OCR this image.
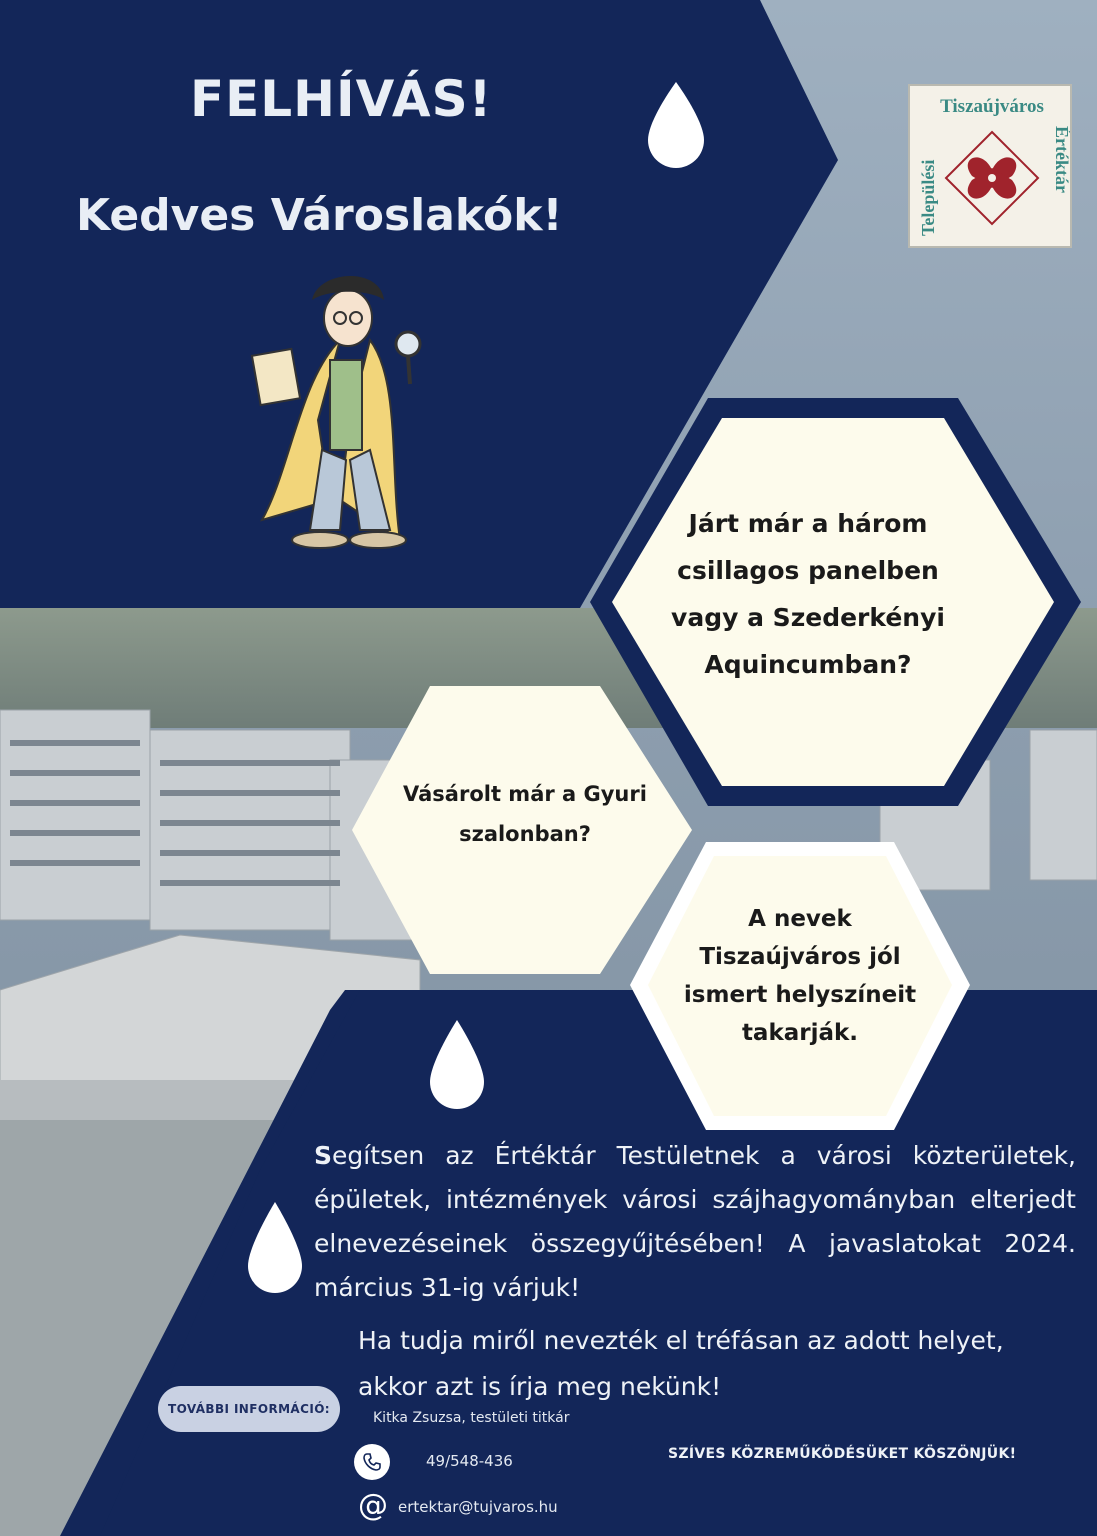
Tiszaújváros
Települési
Értéktár
FELHÍVÁS!
Kedves Városlakók!
Járt már a három csillagos panelben vagy a Szederkényi Aquincumban?
Vásárolt már a Gyuri szalonban?
A nevek Tiszaújváros jól ismert helyszíneit takarják.
Segítsen az Értéktár Testületnek a városi közterületek, épületek, intézmények városi szájhagyományban elterjedt elnevezéseinek összegyűjtésében! A javaslatokat 2024. március 31-ig várjuk!
Ha tudja miről nevezték el tréfásan az adott helyet, akkor azt is írja meg nekünk!
TOVÁBBI INFORMÁCIÓ:
Kitka Zsuzsa, testületi titkár
49/548-436
@ ertektar@tujvaros.hu
SZÍVES KÖZREMŰKÖDÉSÜKET KÖSZÖNJÜK!
